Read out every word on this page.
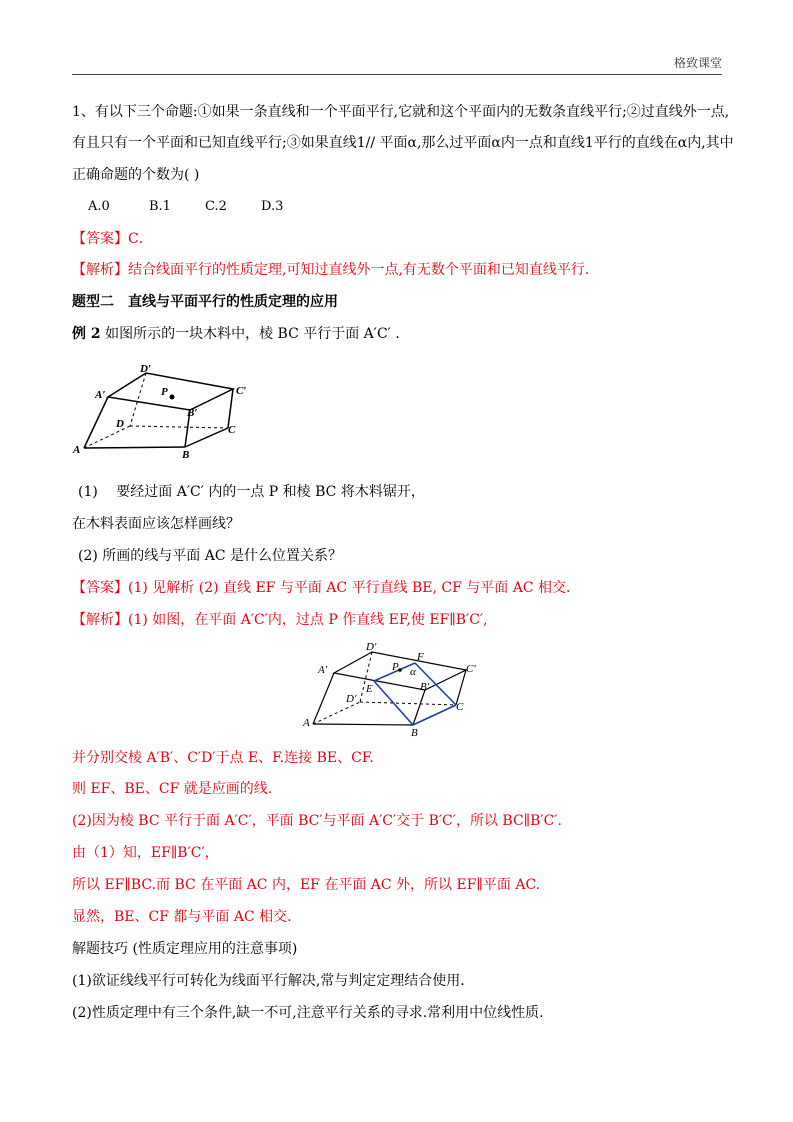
格致课堂
1、有以下三个命题:①如果一条直线和一个平面平行,它就和这个平面内的无数条直线平行;②过直线外一点,
有且只有一个平面和已知直线平行;③如果直线1// 平面α,那么过平面α内一点和直线1平行的直线在α内,其中
正确命题的个数为( )
A.0	B.1	C.2	D.3
【答案】C．
【解析】结合线面平行的性质定理,可知过直线外一点,有无数个平面和已知直线平行.
题型二　直线与平面平行的性质定理的应用
例 2 如图所示的一块木料中，棱 BC 平行于面 A′C′ .
A′
D′
P	C′
B′
D	C
A	B
(1)　 要经过面 A′C′ 内的一点 P 和棱 BC 将木料锯开，
在木料表面应该怎样画线？
(2) 所画的线与平面 AC 是什么位置关系？
【答案】(1) 见解析 (2) 直线 EF 与平面 AC 平行直线 BE, CF 与平面 AC 相交.
【解析】(1) 如图，在平面 A′C′内，过点 P 作直线 EF,使 EF∥B′C′,
A′
D′
P
F
α	C′
E	B′
D′
C
A
B
并分别交棱 A′B′、C′D′于点 E、F.连接 BE、CF.
则 EF、BE、CF 就是应画的线.
(2)因为棱 BC 平行于面 A′C′，平面 BC′与平面 A′C′交于 B′C′，所以 BC∥B′C′.
由（1）知，EF∥B′C′，
所以 EF∥BC.而 BC 在平面 AC 内，EF 在平面 AC 外，所以 EF∥平面 AC.
显然，BE、CF 都与平面 AC 相交.
解题技巧 (性质定理应用的注意事项)
(1)欲证线线平行可转化为线面平行解决,常与判定定理结合使用.
(2)性质定理中有三个条件,缺一不可,注意平行关系的寻求.常利用中位线性质.
